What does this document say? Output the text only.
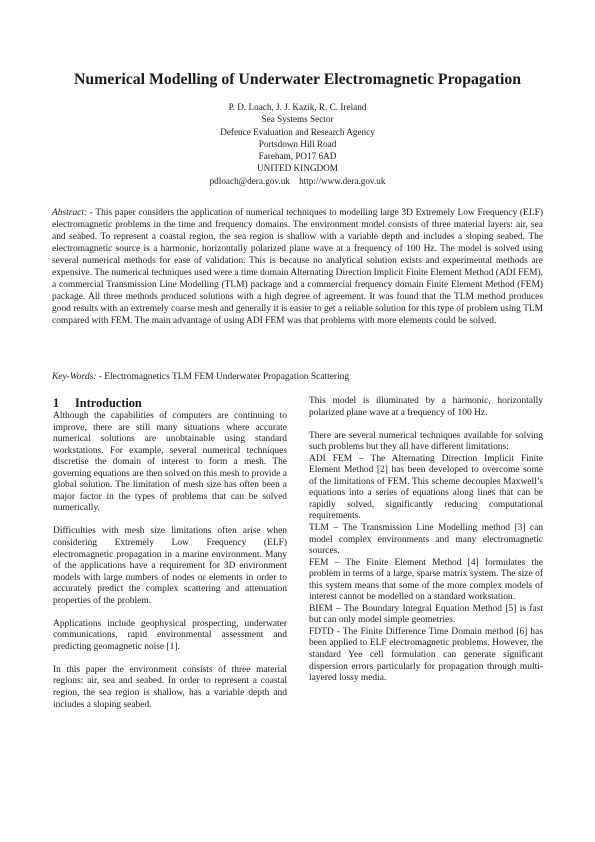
Numerical Modelling of Underwater Electromagnetic Propagation
P. D. Loach, J. J. Kazik, R. C. Ireland
Sea Systems Sector
Defence Evaluation and Research Agency
Portsdown Hill Road
Fareham, PO17 6AD
UNITED KINGDOM
pdloach@dera.gov.uk    http://www.dera.gov.uk

Abstract: - This paper considers the application of numerical techniques to modelling large 3D Extremely Low Frequency (ELF) electromagnetic problems in the time and frequency domains. The environment model consists of three material layers: air, sea and seabed. To represent a coastal region, the sea region is shallow with a variable depth and includes a sloping seabed. The electromagnetic source is a harmonic, horizontally polarized plane wave at a frequency of 100 Hz. The model is solved using several numerical methods for ease of validation. This is because no analytical solution exists and experimental methods are expensive. The numerical techniques used were a time domain Alternating Direction Implicit Finite Element Method (ADI FEM), a commercial Transmission Line Modelling (TLM) package and a commercial frequency domain Finite Element Method (FEM) package. All three methods produced solutions with a high degree of agreement. It was found that the TLM method produces good results with an extremely coarse mesh and generally it is easier to get a reliable solution for this type of problem using TLM compared with FEM. The main advantage of using ADI FEM was that problems with more elements could be solved.

Key-Words: - Electromagnetics TLM FEM Underwater Propagation Scattering

1 Introduction

Although the capabilities of computers are continuing to improve, there are still many situations where accurate numerical solutions are unobtainable using standard workstations. For example, several numerical techniques discretise the domain of interest to form a mesh. The governing equations are then solved on this mesh to provide a global solution. The limitation of mesh size has often been a major factor in the types of problems that can be solved numerically.

Difficulties with mesh size limitations often arise when considering Extremely Low Frequency (ELF) electromagnetic propagation in a marine environment. Many of the applications have a requirement for 3D environment models with large numbers of nodes or elements in order to accurately predict the complex scattering and attenuation properties of the problem.

Applications include geophysical prospecting, underwater communications, rapid environmental assessment and predicting geomagnetic noise [1].

In this paper the environment consists of three material regions: air, sea and seabed. In order to represent a coastal region, the sea region is shallow, has a variable depth and includes a sloping seabed.

This model is illuminated by a harmonic, horizontally polarized plane wave at a frequency of 100 Hz.

There are several numerical techniques available for solving such problems but they all have different limitations:

ADI FEM – The Alternating Direction Implicit Finite Element Method [2] has been developed to overcome some of the limitations of FEM. This scheme decouples Maxwell’s equations into a series of equations along lines that can be rapidly solved, significantly reducing computational requirements.

TLM – The Transmission Line Modelling method [3] can model complex environments and many electromagnetic sources.

FEM – The Finite Element Method [4] formulates the problem in terms of a large, sparse matrix system. The size of this system means that some of the more complex models of interest cannot be modelled on a standard workstation.

BIEM – The Boundary Integral Equation Method [5] is fast but can only model simple geometries.

FDTD - The Finite Difference Time Domain method [6] has been applied to ELF electromagnetic problems. However, the standard Yee cell formulation can generate significant dispersion errors particularly for propagation through multi-layered lossy media.
